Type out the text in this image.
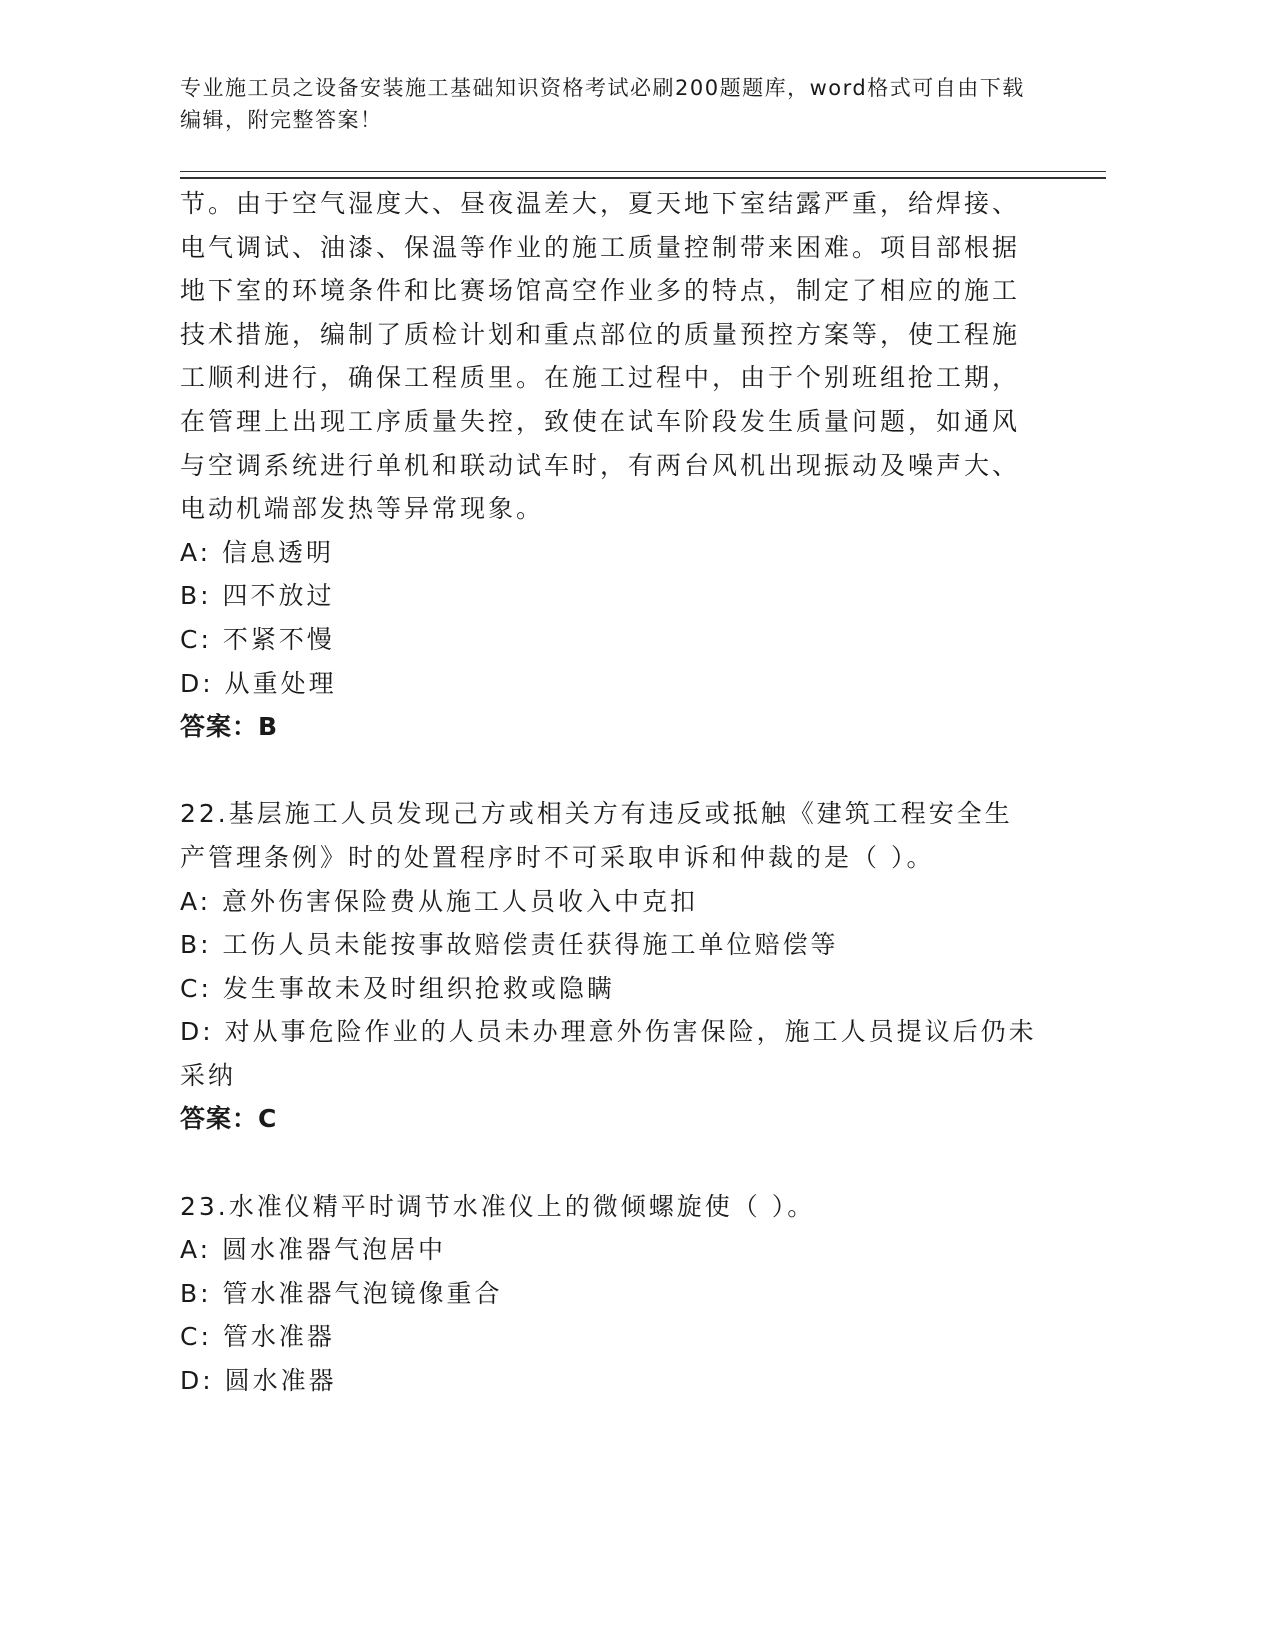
专业施工员之设备安装施工基础知识资格考试必刷200题题库，word格式可自由下载编辑，附完整答案！

节。由于空气湿度大、昼夜温差大，夏天地下室结露严重，给焊接、电气调试、油漆、保温等作业的施工质量控制带来困难。项目部根据地下室的环境条件和比赛场馆高空作业多的特点，制定了相应的施工技术措施，编制了质检计划和重点部位的质量预控方案等，使工程施工顺利进行，确保工程质里。在施工过程中，由于个别班组抢工期，在管理上出现工序质量失控，致使在试车阶段发生质量问题，如通风与空调系统进行单机和联动试车时，有两台风机出现振动及噪声大、电动机端部发热等异常现象。

A: 信息透明

B: 四不放过

C: 不紧不慢

D: 从重处理

答案：B

22.基层施工人员发现己方或相关方有违反或抵触《建筑工程安全生产管理条例》时的处置程序时不可采取申诉和仲裁的是（ ）。

A: 意外伤害保险费从施工人员收入中克扣

B: 工伤人员未能按事故赔偿责任获得施工单位赔偿等

C: 发生事故未及时组织抢救或隐瞒

D: 对从事危险作业的人员未办理意外伤害保险，施工人员提议后仍未采纳

答案：C

23.水准仪精平时调节水准仪上的微倾螺旋使（ ）。

A: 圆水准器气泡居中

B: 管水准器气泡镜像重合

C: 管水准器

D: 圆水准器
